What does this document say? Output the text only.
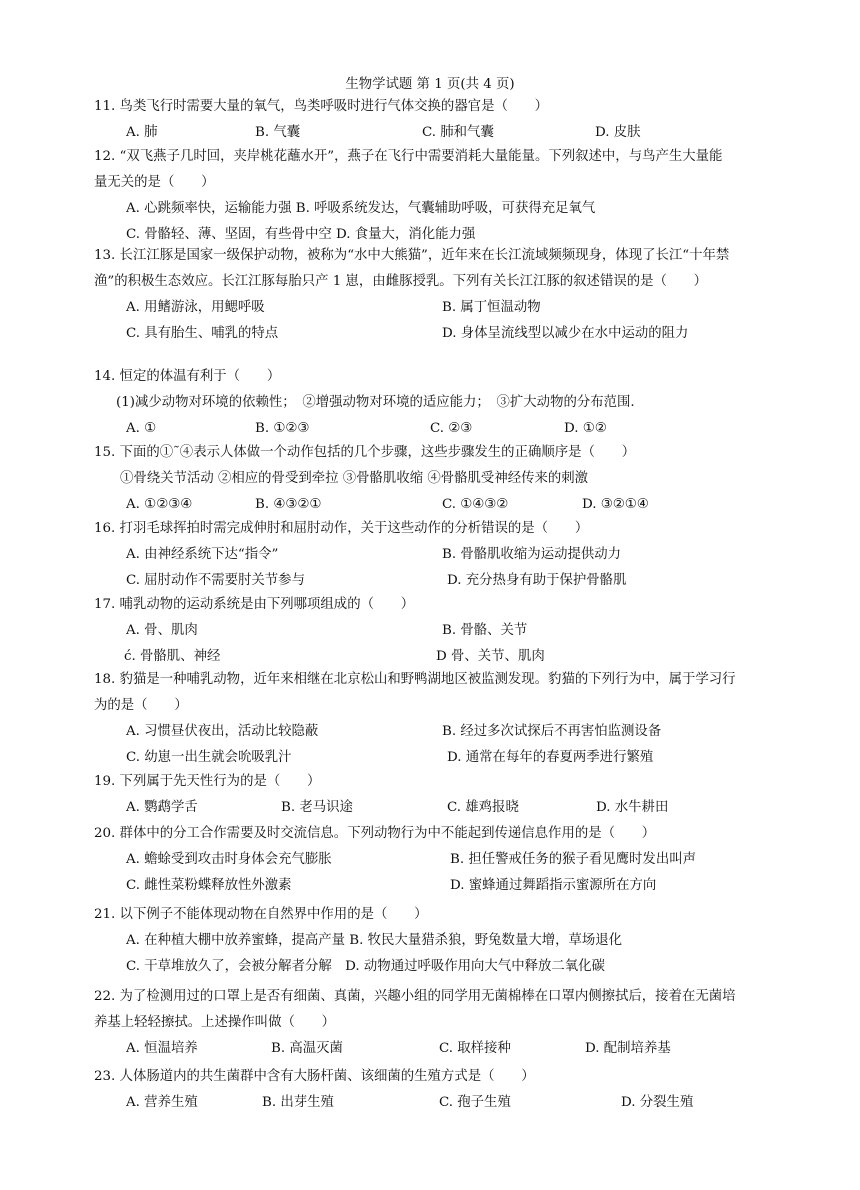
生物学试题 第 1 页(共 4 页)
11. 鸟类飞行时需要大量的氧气，鸟类呼吸时进行气体交换的器官是（　　）
A. 肺	B. 气囊	C. 肺和气囊	D. 皮肤
12. “双飞燕子几时回，夹岸桃花蘸水开”，燕子在飞行中需要消耗大量能量。下列叙述中，与鸟产生大量能量无关的是（　　）
A. 心跳频率快，运输能力强 B. 呼吸系统发达，气囊辅助呼吸，可获得充足氧气
C. 骨骼轻、薄、坚固，有些骨中空 D. 食量大，消化能力强
13. 长江江豚是国家一级保护动物，被称为“水中大熊猫”，近年来在长江流域频频现身，体现了长江“十年禁渔”的积极生态效应。长江江豚每胎只产 1 崽，由雌豚授乳。下列有关长江江豚的叙述错误的是（　　）
A. 用鳍游泳，用鳃呼吸	B. 属丁恒温动物
C. 具有胎生、哺乳的特点	D. 身体呈流线型以减少在水中运动的阻力
14. 恒定的体温有利于（　　）
(1)减少动物对环境的依赖性；　②增强动物对环境的适应能力；　③扩大动物的分布范围.
A. ①	B. ①②③	C. ②③	D. ①②
15. 下面的①˜④表示人体做一个动作包括的几个步骤，这些步骤发生的正确顺序是（　　）
①骨绕关节活动 ②相应的骨受到牵拉 ③骨骼肌收缩 ④骨骼肌受神经传来的刺激
A. ①②③④	B. ④③②①	C. ①④③②	D. ③②①④
16. 打羽毛球挥拍时需完成伸肘和屈肘动作，关于这些动作的分析错误的是（　　）
A. 由神经系统下达“指令”	B. 骨骼肌收缩为运动提供动力
C. 屈肘动作不需要肘关节参与	D. 充分热身有助于保护骨骼肌
17. 哺乳动物的运动系统是由下列哪项组成的（　　）
A. 骨、肌肉	B. 骨骼、关节
ć. 骨骼肌、神经	D 骨、关节、肌肉
18. 豹猫是一种哺乳动物，近年来相继在北京松山和野鸭湖地区被监测发现。豹猫的下列行为中，属于学习行为的是（　　）
A. 习惯昼伏夜出，活动比较隐蔽	B. 经过多次试探后不再害怕监测设备
C. 幼崽一出生就会吮吸乳汁	D. 通常在每年的春夏两季进行繁殖
19. 下列属于先天性行为的是（　　）
A. 鹦鹉学舌	B. 老马识途	C. 雄鸡报晓	D. 水牛耕田
20. 群体中的分工合作需要及时交流信息。下列动物行为中不能起到传递信息作用的是（　　）
A. 蟾蜍受到攻击时身体会充气膨胀	B. 担任警戒任务的猴子看见鹰时发出叫声
C. 雌性菜粉蝶释放性外激素	D. 蜜蜂通过舞蹈指示蜜源所在方向
21. 以下例子不能体现动物在自然界中作用的是（　　）
A. 在种植大棚中放养蜜蜂，提高产量 B. 牧民大量猎杀狼，野兔数量大增，草场退化
C. 干草堆放久了，会被分解者分解　D. 动物通过呼吸作用向大气中释放二氧化碳
22. 为了检测用过的口罩上是否有细菌、真菌，兴趣小组的同学用无菌棉棒在口罩内侧擦拭后，接着在无菌培养基上轻轻擦拭。上述操作叫做（　　）
A. 恒温培养	B. 高温灭菌	C. 取样接种	D. 配制培养基
23. 人体肠道内的共生菌群中含有大肠杆菌、该细菌的生殖方式是（　　）
A. 营养生殖	B. 出芽生殖	C. 孢子生殖	D. 分裂生殖
